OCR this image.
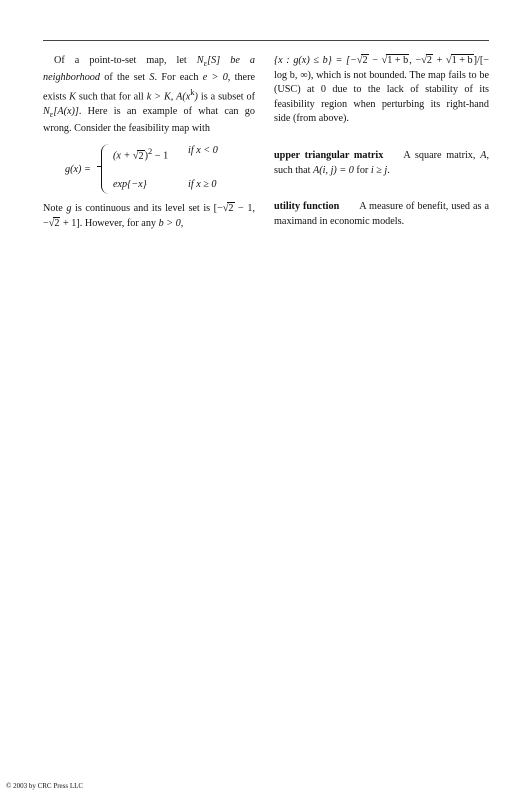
Of a point-to-set map, let $N_\varepsilon[S]$ be a neighborhood of the set S. For each e > 0, there exists K such that for all k > K, $A(x^k)$ is a subset of $N_\varepsilon[A(x)]$. Here is an example of what can go wrong. Consider the feasibility map with

g(x) =
$(x + √2)^2 - 1$ if x < 0
exp{−x}	if x ≥ 0

Note g is continuous and its level set is [−√2 − 1, −√2 + 1]. However, for any b > 0,

{x : g(x) ≤ b} = [−√2 − √1 + b, −√2 + √1 + b]/[− log b, ∞), which is not bounded. The map fails to be (USC) at 0 due to the lack of stability of its feasibility region when perturbing its right-hand side (from above).

upper triangular matrix A square matrix, A, such that A(i, j) = 0 for i ≥ j.

utility function A measure of benefit, used as a maximand in economic models.

© 2003 by CRC Press LLC
